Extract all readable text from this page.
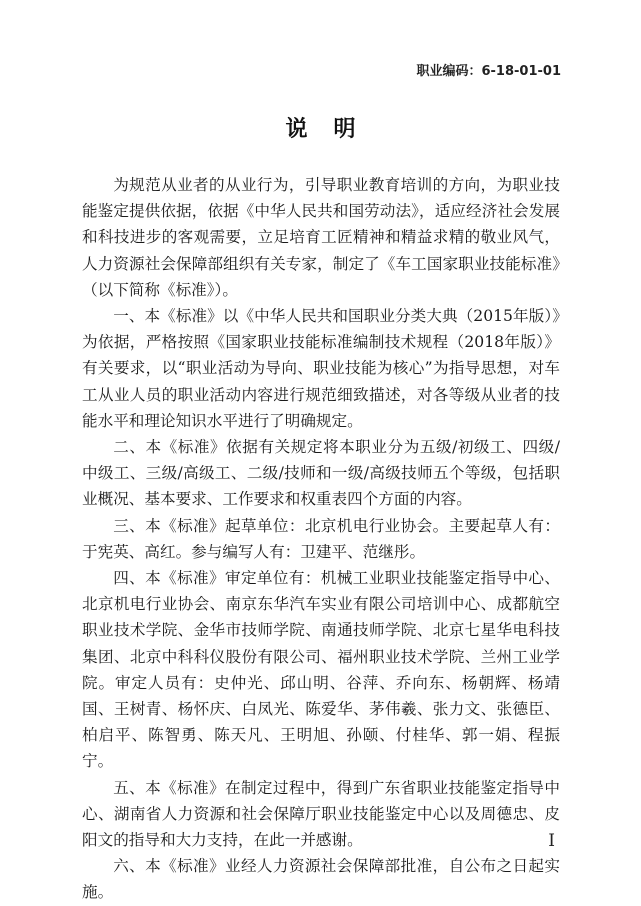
职业编码：6-18-01-01
说明

为规范从业者的从业行为，引导职业教育培训的方向，为职业技能鉴定提供依据，依据《中华人民共和国劳动法》，适应经济社会发展和科技进步的客观需要，立足培育工匠精神和精益求精的敬业风气，人力资源社会保障部组织有关专家，制定了《车工国家职业技能标准》（以下简称《标准》）。

一、本《标准》以《中华人民共和国职业分类大典（2015年版）》为依据，严格按照《国家职业技能标准编制技术规程（2018年版）》有关要求，以“职业活动为导向、职业技能为核心”为指导思想，对车工从业人员的职业活动内容进行规范细致描述，对各等级从业者的技能水平和理论知识水平进行了明确规定。

二、本《标准》依据有关规定将本职业分为五级/初级工、四级/中级工、三级/高级工、二级/技师和一级/高级技师五个等级，包括职业概况、基本要求、工作要求和权重表四个方面的内容。

三、本《标准》起草单位：北京机电行业协会。主要起草人有：于宪英、高红。参与编写人有：卫建平、范继彤。

四、本《标准》审定单位有：机械工业职业技能鉴定指导中心、北京机电行业协会、南京东华汽车实业有限公司培训中心、成都航空职业技术学院、金华市技师学院、南通技师学院、北京七星华电科技集团、北京中科科仪股份有限公司、福州职业技术学院、兰州工业学院。审定人员有：史仲光、邱山明、谷萍、乔向东、杨朝辉、杨靖国、王树青、杨怀庆、白凤光、陈爱华、茅伟羲、张力文、张德臣、柏启平、陈智勇、陈天凡、王明旭、孙颐、付桂华、郭一娟、程振宁。

五、本《标准》在制定过程中，得到广东省职业技能鉴定指导中心、湖南省人力资源和社会保障厅职业技能鉴定中心以及周德忠、皮阳文的指导和大力支持，在此一并感谢。

六、本《标准》业经人力资源社会保障部批准，自公布之日起实施。

I
